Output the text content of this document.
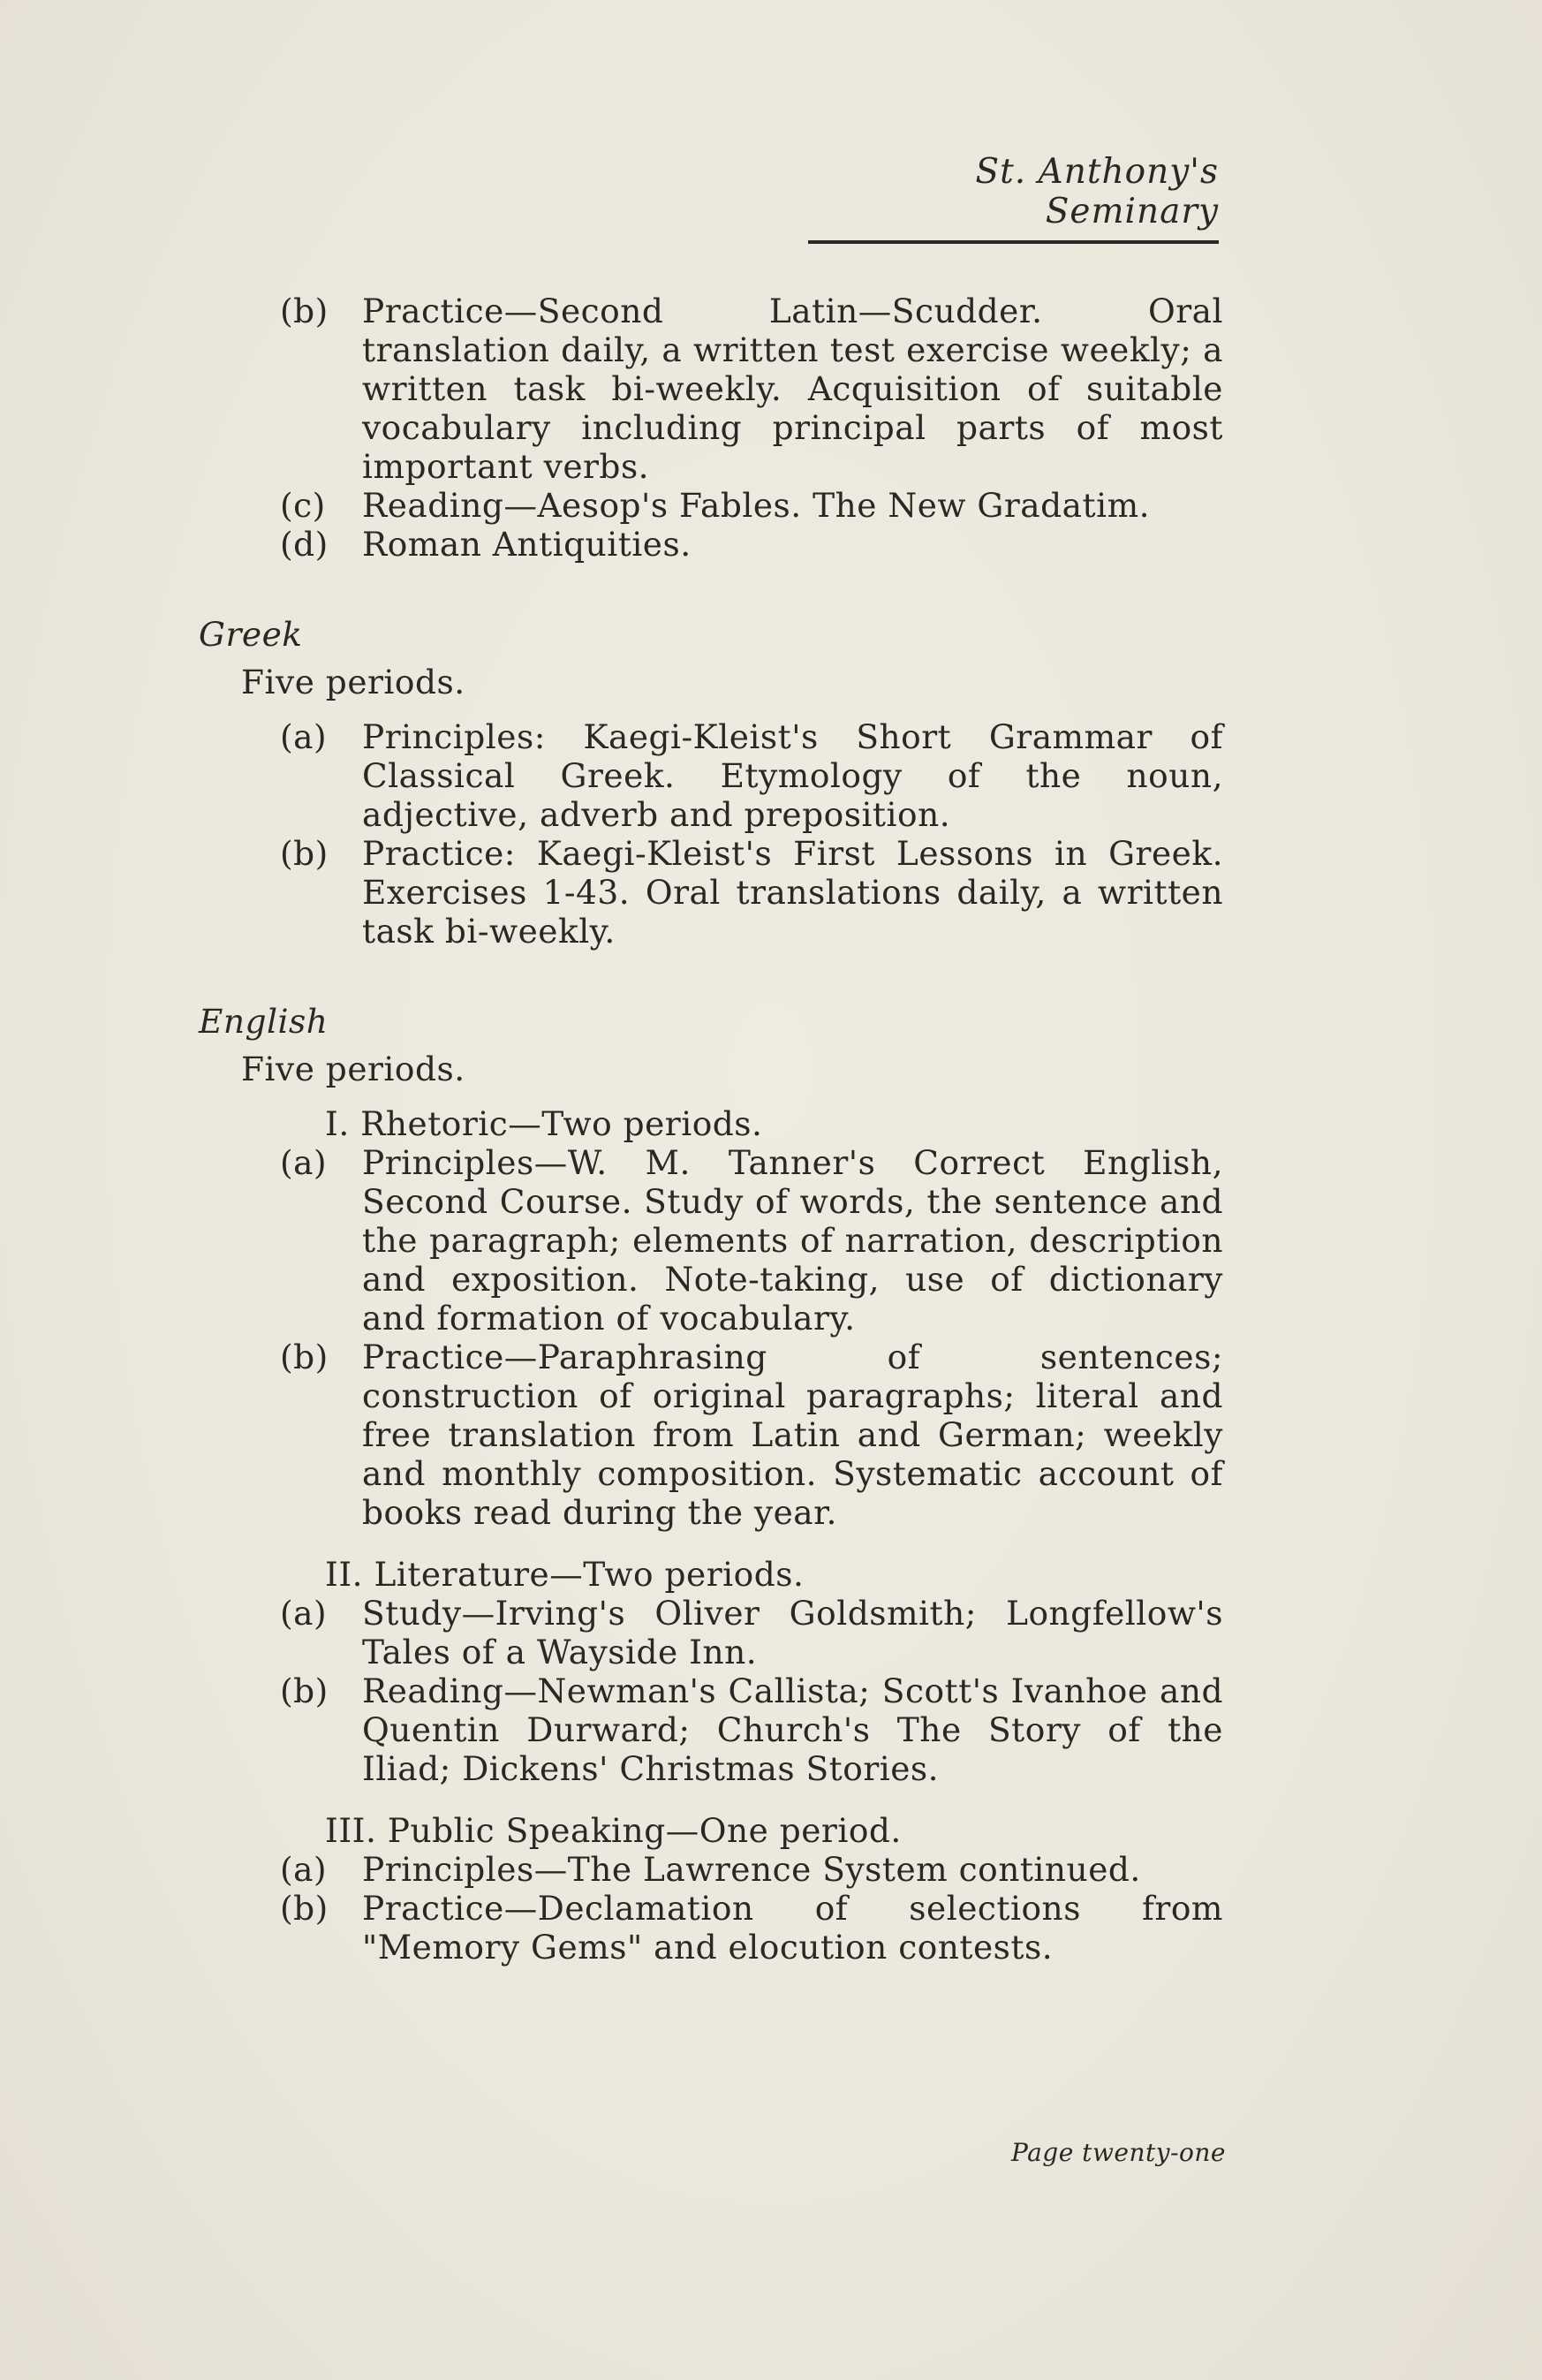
St. Anthony's Seminary
(b) Practice—Second Latin—Scudder. Oral translation daily, a written test exercise weekly; a written task bi-weekly. Acquisition of suitable vocabulary including principal parts of most important verbs.
(c) Reading—Aesop's Fables. The New Gradatim.
(d) Roman Antiquities.
Greek
Five periods.
(a) Principles: Kaegi-Kleist's Short Grammar of Classical Greek. Etymology of the noun, adjective, adverb and preposition.
(b) Practice: Kaegi-Kleist's First Lessons in Greek. Exercises 1-43. Oral translations daily, a written task bi-weekly.
English
Five periods.
I. Rhetoric—Two periods.
(a) Principles—W. M. Tanner's Correct English, Second Course. Study of words, the sentence and the paragraph; elements of narration, description and exposition. Note-taking, use of dictionary and formation of vocabulary.
(b) Practice—Paraphrasing of sentences; construction of original paragraphs; literal and free translation from Latin and German; weekly and monthly composition. Systematic account of books read during the year.
II. Literature—Two periods.
(a) Study—Irving's Oliver Goldsmith; Longfellow's Tales of a Wayside Inn.
(b) Reading—Newman's Callista; Scott's Ivanhoe and Quentin Durward; Church's The Story of the Iliad; Dickens' Christmas Stories.
III. Public Speaking—One period.
(a) Principles—The Lawrence System continued.
(b) Practice—Declamation of selections from "Memory Gems" and elocution contests.
Page twenty-one
